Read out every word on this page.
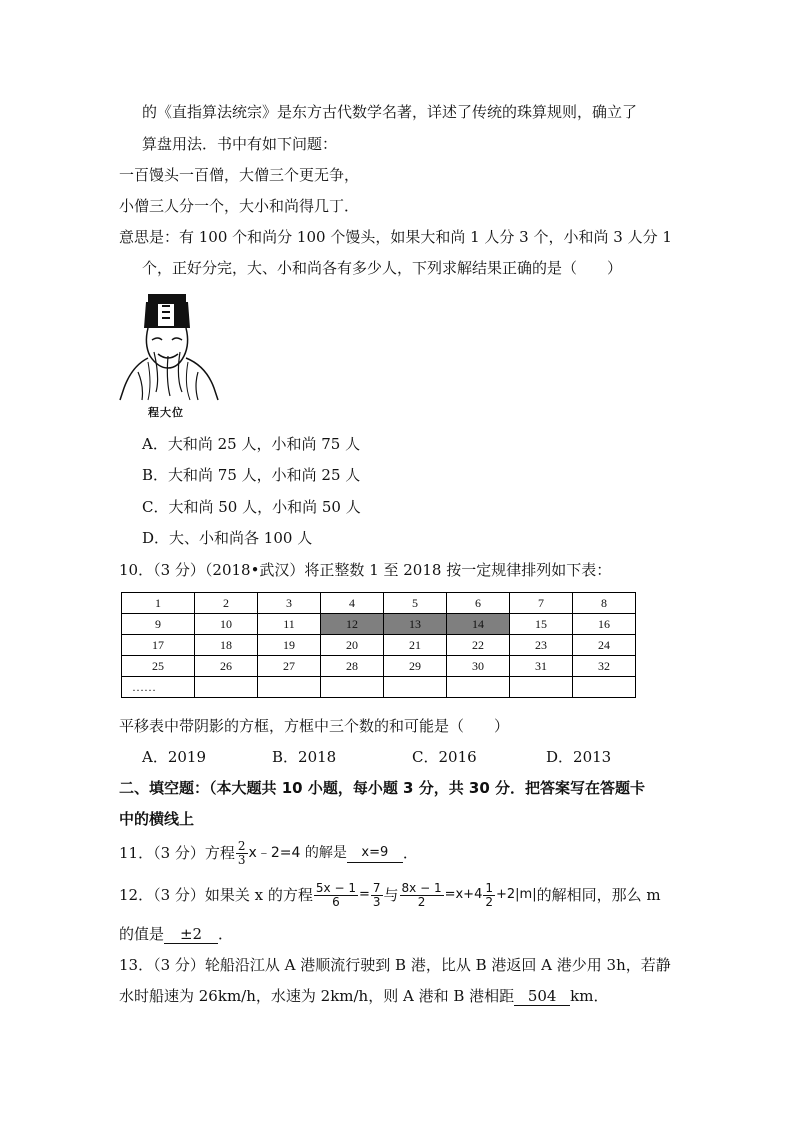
的《直指算法统宗》是东方古代数学名著，详述了传统的珠算规则，确立了
算盘用法．书中有如下问题：
一百馒头一百僧，大僧三个更无争，
小僧三人分一个，大小和尚得几丁．
意思是：有 100 个和尚分 100 个馒头，如果大和尚 1 人分 3 个，小和尚 3 人分 1
个，正好分完，大、小和尚各有多少人，下列求解结果正确的是（　　）
程大位
A．大和尚 25 人，小和尚 75 人
B．大和尚 75 人，小和尚 25 人
C．大和尚 50 人，小和尚 50 人
D．大、小和尚各 100 人
10．（3 分）（2018•武汉）将正整数 1 至 2018 按一定规律排列如下表：
1	2	3	4	5	6	7	8
9	10	11	12	13	14	15	16
17	18	19	20	21	22	23	24
25	26	27	28	29	30	31	32
……							
平移表中带阴影的方框，方框中三个数的和可能是（　　）
A．2019	B．2018	C．2016	D．2013
二、填空题：（本大题共 10 小题，每小题 3 分，共 30 分．把答案写在答题卡
中的横线上
11．（3 分）方程 $\frac{2}{3}$ x﹣2=4 的解是	x=9 ．
12．（3 分）如果关 x 的方程 $\frac{5x - 1}{6} = \frac{7}{3}$ 与 $\frac{8x - 1}{2} =x+4 \frac{1}{2} +2|m|$ 的解相同，那么 m
的值是 ±2 ．
13．（3 分）轮船沿江从 A 港顺流行驶到 B 港，比从 B 港返回 A 港少用 3h，若静
水时船速为 26km/h，水速为 2km/h，则 A 港和 B 港相距 504 km．
